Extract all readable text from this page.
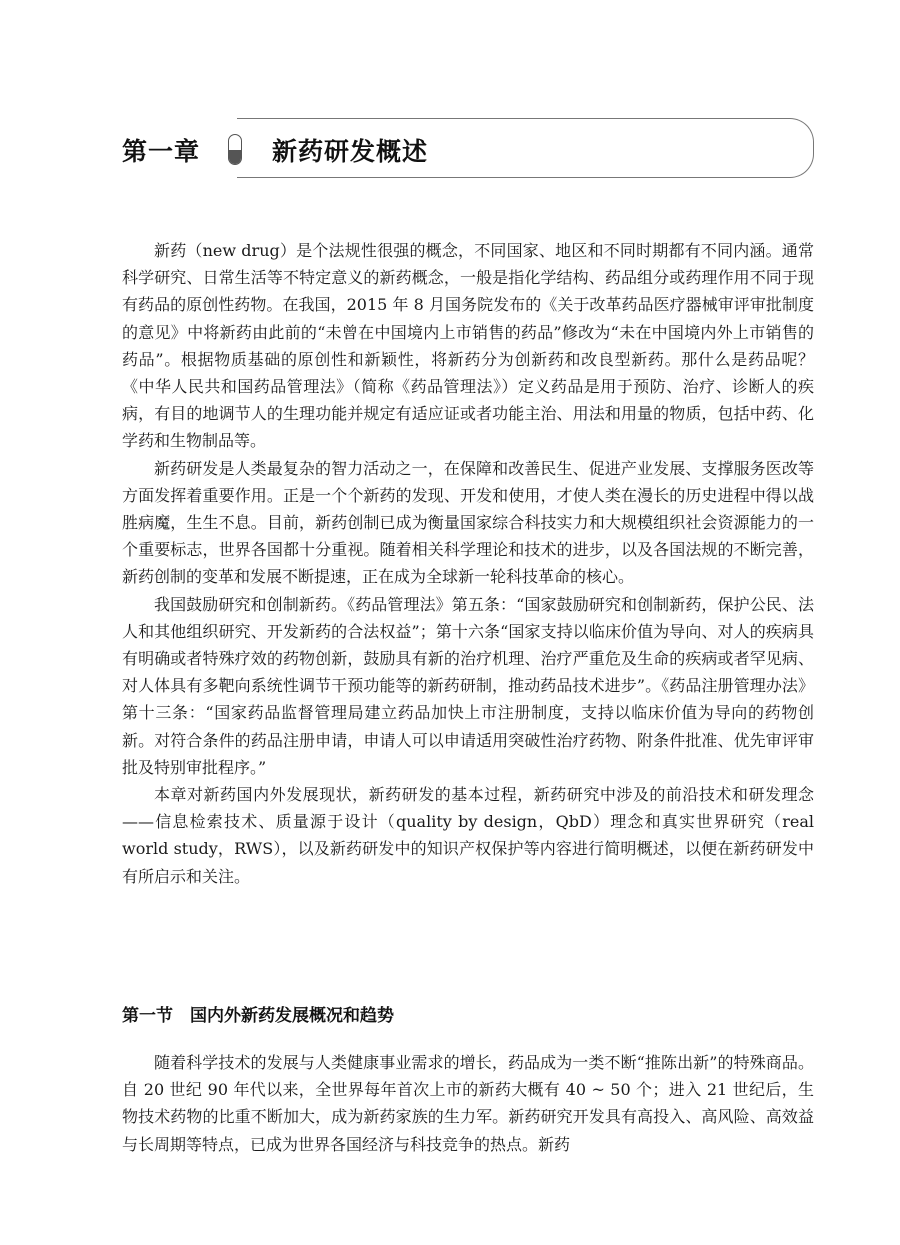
第一章	新药研发概述

新药（new drug）是个法规性很强的概念，不同国家、地区和不同时期都有不同内涵。通常科学研究、日常生活等不特定意义的新药概念，一般是指化学结构、药品组分或药理作用不同于现有药品的原创性药物。在我国，2015 年 8 月国务院发布的《关于改革药品医疗器械审评审批制度的意见》中将新药由此前的“未曾在中国境内上市销售的药品”修改为“未在中国境内外上市销售的药品”。根据物质基础的原创性和新颖性，将新药分为创新药和改良型新药。那什么是药品呢？《中华人民共和国药品管理法》（简称《药品管理法》）定义药品是用于预防、治疗、诊断人的疾病，有目的地调节人的生理功能并规定有适应证或者功能主治、用法和用量的物质，包括中药、化学药和生物制品等。

新药研发是人类最复杂的智力活动之一，在保障和改善民生、促进产业发展、支撑服务医改等方面发挥着重要作用。正是一个个新药的发现、开发和使用，才使人类在漫长的历史进程中得以战胜病魔，生生不息。目前，新药创制已成为衡量国家综合科技实力和大规模组织社会资源能力的一个重要标志，世界各国都十分重视。随着相关科学理论和技术的进步，以及各国法规的不断完善，新药创制的变革和发展不断提速，正在成为全球新一轮科技革命的核心。

我国鼓励研究和创制新药。《药品管理法》第五条：“国家鼓励研究和创制新药，保护公民、法人和其他组织研究、开发新药的合法权益”；第十六条“国家支持以临床价值为导向、对人的疾病具有明确或者特殊疗效的药物创新，鼓励具有新的治疗机理、治疗严重危及生命的疾病或者罕见病、对人体具有多靶向系统性调节干预功能等的新药研制，推动药品技术进步”。《药品注册管理办法》第十三条：“国家药品监督管理局建立药品加快上市注册制度，支持以临床价值为导向的药物创新。对符合条件的药品注册申请，申请人可以申请适用突破性治疗药物、附条件批准、优先审评审批及特别审批程序。”

本章对新药国内外发展现状，新药研发的基本过程，新药研究中涉及的前沿技术和研发理念——信息检索技术、质量源于设计（quality by design，QbD）理念和真实世界研究（real world study，RWS），以及新药研发中的知识产权保护等内容进行简明概述，以便在新药研发中有所启示和关注。

第一节　国内外新药发展概况和趋势

随着科学技术的发展与人类健康事业需求的增长，药品成为一类不断“推陈出新”的特殊商品。自 20 世纪 90 年代以来，全世界每年首次上市的新药大概有 40 ~ 50 个；进入 21 世纪后，生物技术药物的比重不断加大，成为新药家族的生力军。新药研究开发具有高投入、高风险、高效益与长周期等特点，已成为世界各国经济与科技竞争的热点。新药
